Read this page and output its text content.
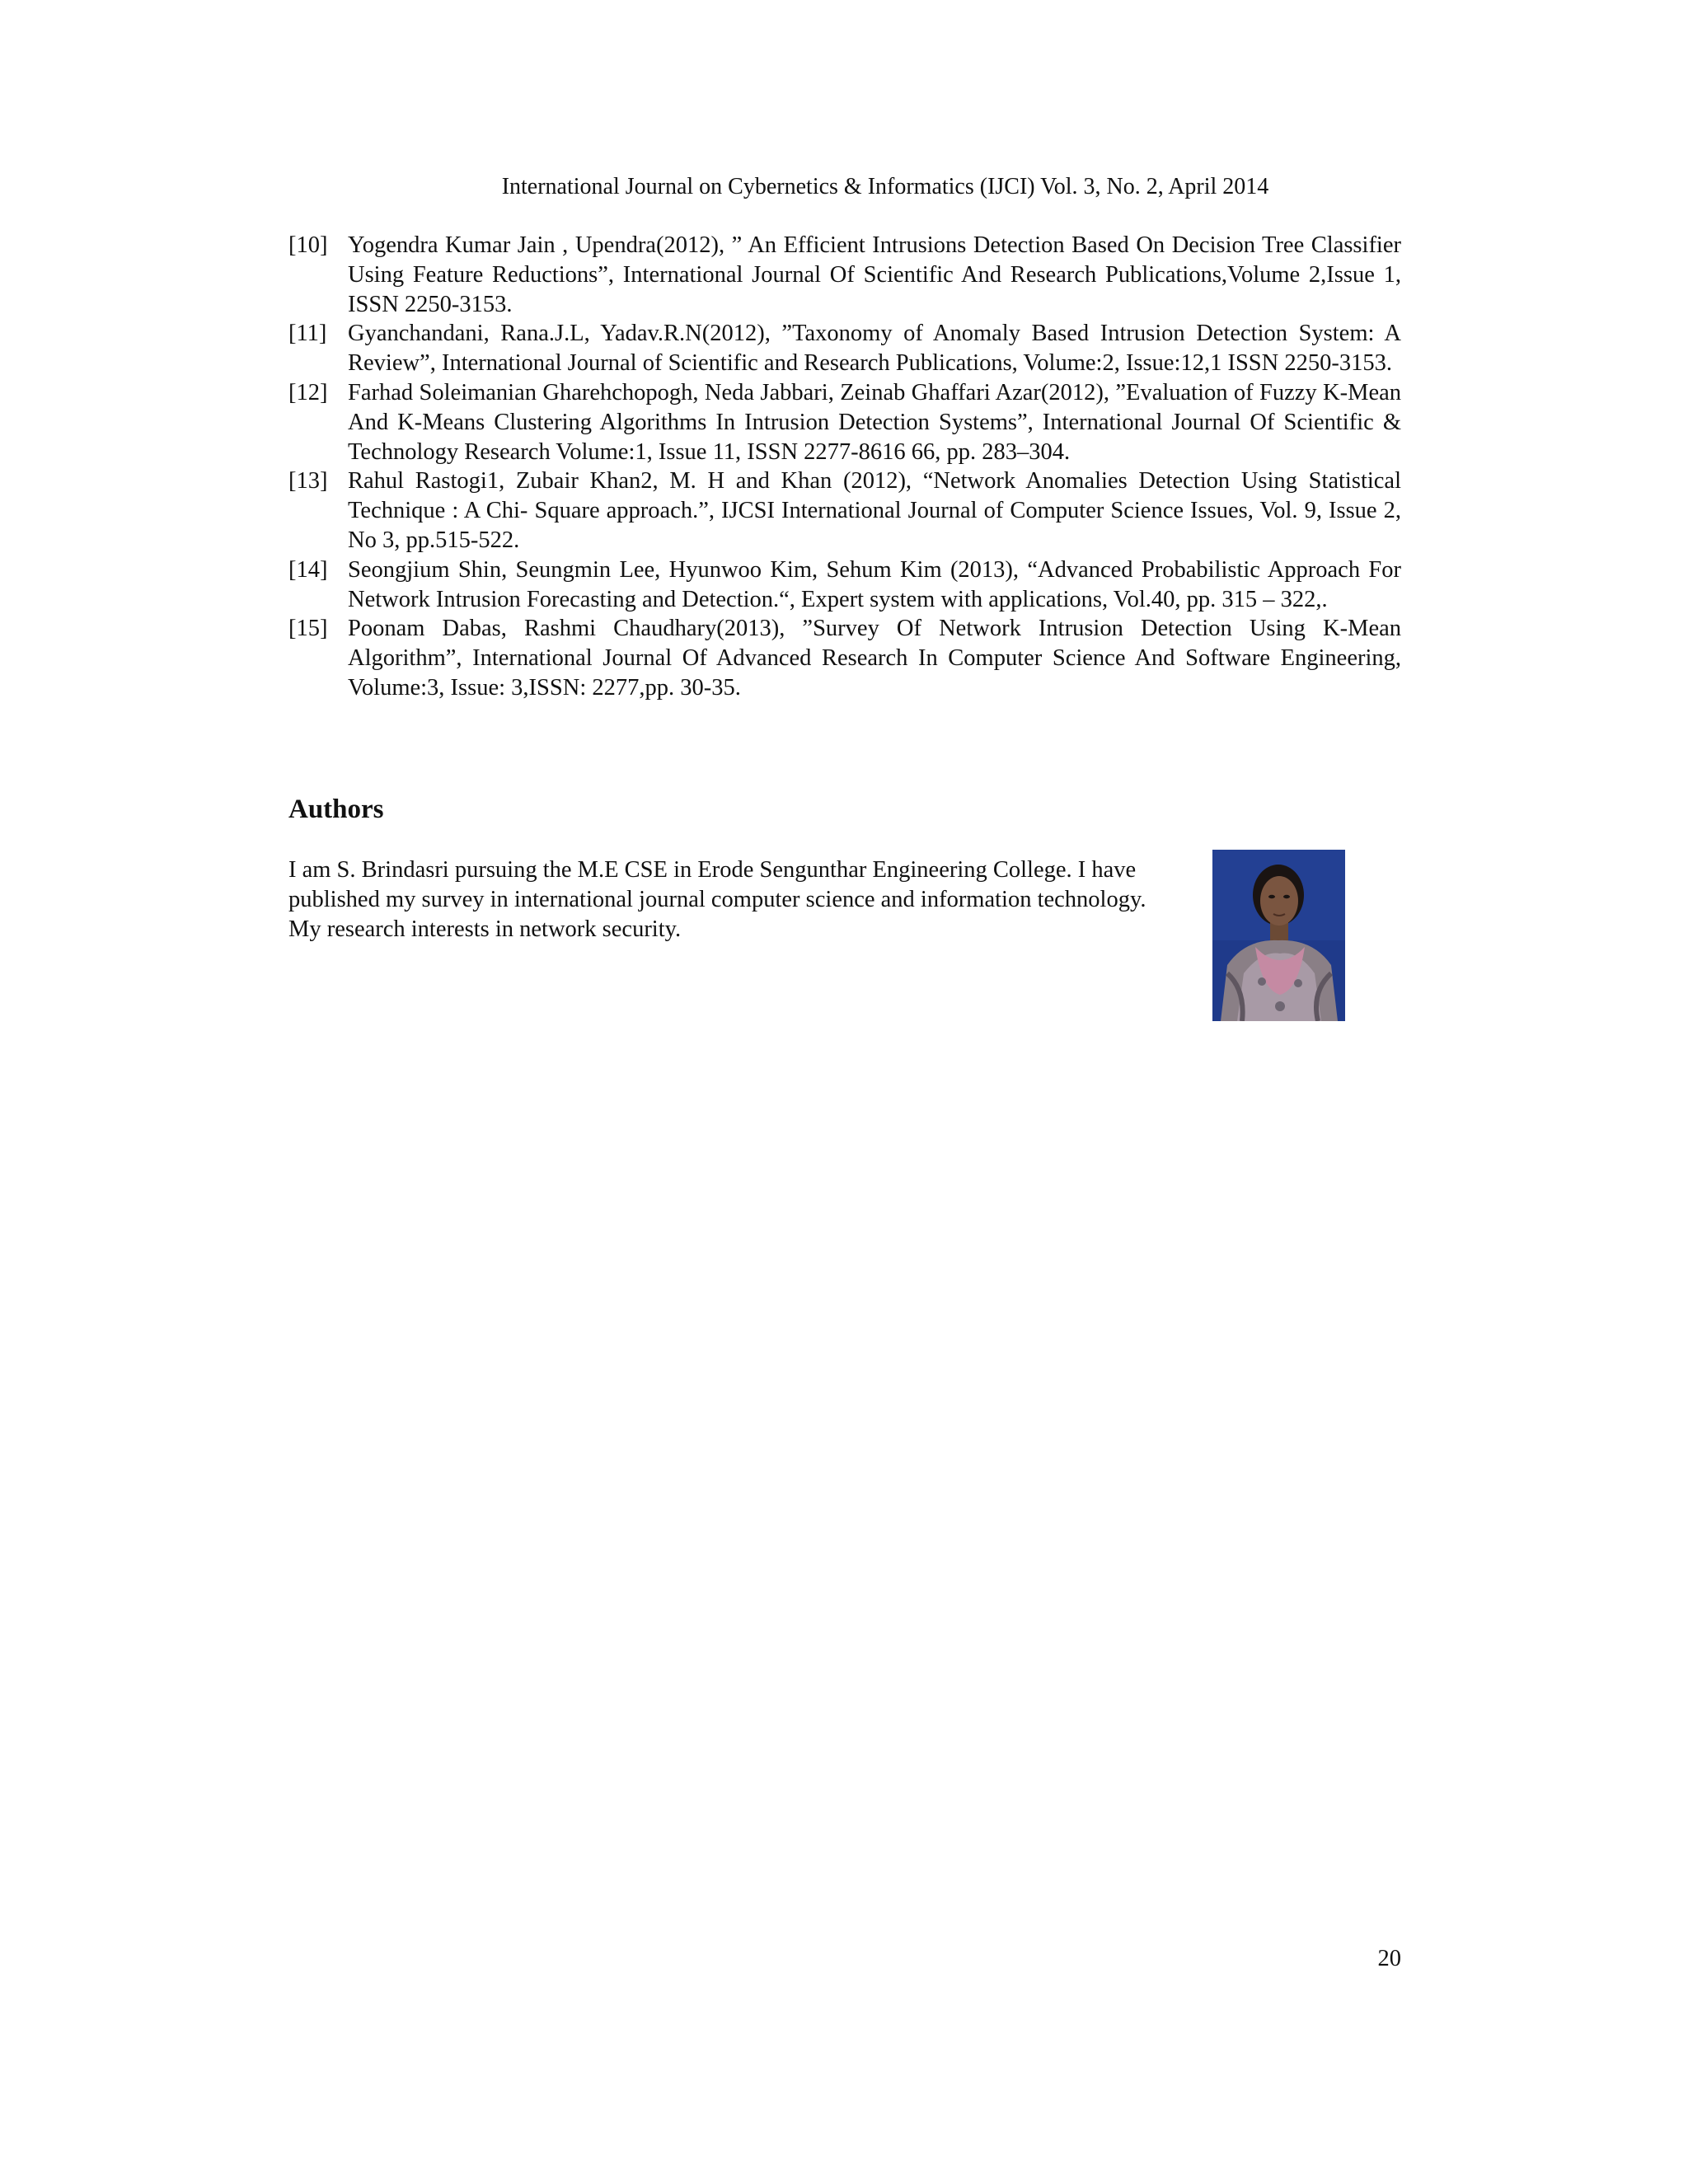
International Journal on Cybernetics & Informatics (IJCI) Vol. 3, No. 2, April 2014
[10] Yogendra Kumar Jain , Upendra(2012), ” An Efficient Intrusions Detection Based On Decision Tree Classifier Using Feature Reductions”, International Journal Of Scientific And Research Publications,Volume 2,Issue 1, ISSN 2250-3153.
[11] Gyanchandani, Rana.J.L, Yadav.R.N(2012), ”Taxonomy of Anomaly Based Intrusion Detection System: A Review”, International Journal of Scientific and Research Publications, Volume:2, Issue:12,1 ISSN 2250-3153.
[12] Farhad Soleimanian Gharehchopogh, Neda Jabbari, Zeinab Ghaffari Azar(2012), ”Evaluation of Fuzzy K-Mean And K-Means Clustering Algorithms In Intrusion Detection Systems”, International Journal Of Scientific & Technology Research Volume:1, Issue 11, ISSN 2277-8616 66, pp. 283–304.
[13] Rahul Rastogi1, Zubair Khan2, M. H and Khan (2012), “Network Anomalies Detection Using Statistical Technique : A Chi- Square approach.”, IJCSI International Journal of Computer Science Issues, Vol. 9, Issue 2, No 3, pp.515-522.
[14] Seongjium Shin, Seungmin Lee, Hyunwoo Kim, Sehum Kim (2013), “Advanced Probabilistic Approach For Network Intrusion Forecasting and Detection.“, Expert system with applications, Vol.40, pp. 315 – 322,.
[15] Poonam Dabas, Rashmi Chaudhary(2013), ”Survey Of Network Intrusion Detection Using K-Mean Algorithm”, International Journal Of Advanced Research In Computer Science And Software Engineering, Volume:3, Issue: 3,ISSN: 2277,pp. 30-35.
Authors
I am S. Brindasri pursuing the M.E CSE in Erode Sengunthar Engineering College. I have published my survey in international journal computer science and information technology. My research interests in network security.
20
